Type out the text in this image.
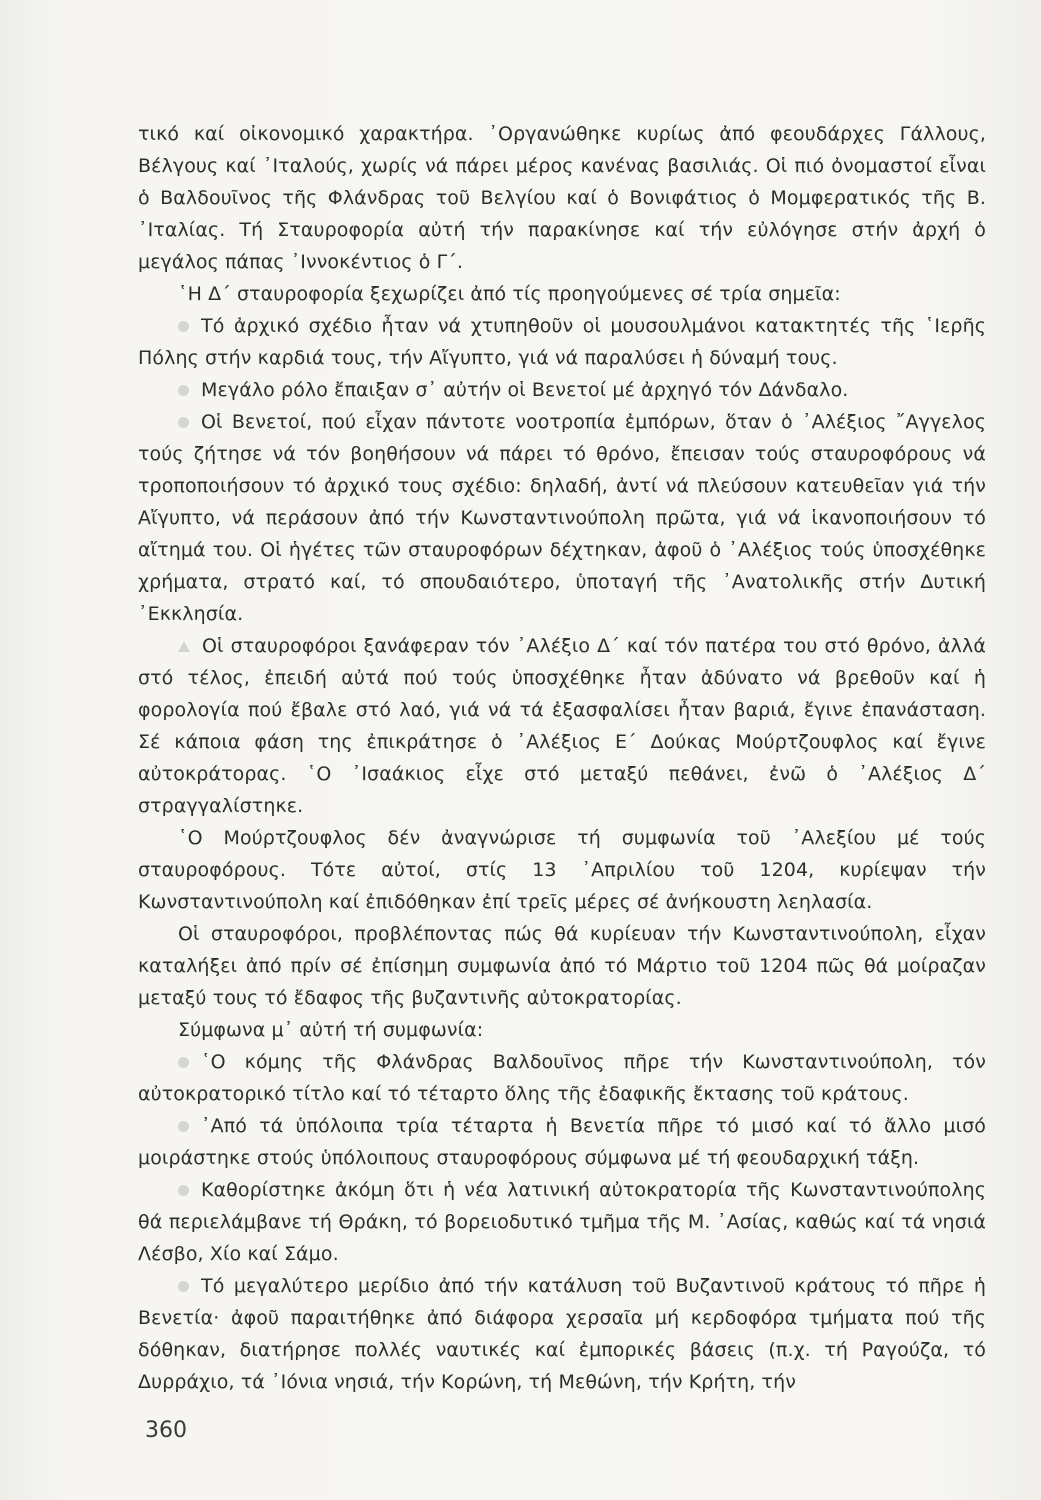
τικό καί οἰκονομικό χαρακτήρα. ᾽Οργανώθηκε κυρίως ἀπό φεουδάρχες Γάλλους, Βέλγους καί ᾽Ιταλούς, χωρίς νά πάρει μέρος κανένας βασιλιάς. Οἱ πιό ὀνομαστοί εἶναι ὁ Βαλδουῖνος τῆς Φλάνδρας τοῦ Βελγίου καί ὁ Βονιφάτιος ὁ Μομφερατικός τῆς Β. ᾽Ιταλίας. Τή Σταυροφορία αὐτή τήν παρακίνησε καί τήν εὐλόγησε στήν ἀρχή ὁ μεγάλος πάπας ᾽Ιννοκέντιος ὁ Γ΄.

῾Η Δ΄ σταυροφορία ξεχωρίζει ἀπό τίς προηγούμενες σέ τρία σημεῖα:

Τό ἀρχικό σχέδιο ἦταν νά χτυπηθοῦν οἱ μουσουλμάνοι κατακτητές τῆς ῾Ιερῆς Πόλης στήν καρδιά τους, τήν Αἴγυπτο, γιά νά παραλύσει ἡ δύναμή τους.

Μεγάλο ρόλο ἔπαιξαν σ᾽ αὐτήν οἱ Βενετοί μέ ἀρχηγό τόν Δάνδαλο.

Οἱ Βενετοί, πού εἶχαν πάντοτε νοοτροπία ἐμπόρων, ὅταν ὁ ᾽Αλέξιος ῎Αγγελος τούς ζήτησε νά τόν βοηθήσουν νά πάρει τό θρόνο, ἔπεισαν τούς σταυροφόρους νά τροποποιήσουν τό ἀρχικό τους σχέδιο: δηλαδή, ἀντί νά πλεύσουν κατευθεῖαν γιά τήν Αἴγυπτο, νά περάσουν ἀπό τήν Κωνσταντινούπολη πρῶτα, γιά νά ἱκανοποιήσουν τό αἴτημά του. Οἱ ἡγέτες τῶν σταυροφόρων δέχτηκαν, ἀφοῦ ὁ ᾽Αλέξιος τούς ὑποσχέθηκε χρήματα, στρατό καί, τό σπουδαιότερο, ὑποταγή τῆς ᾽Ανατολικῆς στήν Δυτική ᾽Εκκλησία.

Οἱ σταυροφόροι ξανάφεραν τόν ᾽Αλέξιο Δ΄ καί τόν πατέρα του στό θρόνο, ἀλλά στό τέλος, ἐπειδή αὐτά πού τούς ὑποσχέθηκε ἦταν ἀδύνατο νά βρεθοῦν καί ἡ φορολογία πού ἔβαλε στό λαό, γιά νά τά ἐξασφαλίσει ἦταν βαριά, ἔγινε ἐπανάσταση. Σέ κάποια φάση της ἐπικράτησε ὁ ᾽Αλέξιος Ε΄ Δούκας Μούρτζουφλος καί ἔγινε αὐτοκράτορας. ῾Ο ᾽Ισαάκιος εἶχε στό μεταξύ πεθάνει, ἐνῶ ὁ ᾽Αλέξιος Δ΄ στραγγαλίστηκε.

῾Ο Μούρτζουφλος δέν ἀναγνώρισε τή συμφωνία τοῦ ᾽Αλεξίου μέ τούς σταυροφόρους. Τότε αὐτοί, στίς 13 ᾽Απριλίου τοῦ 1204, κυρίεψαν τήν Κωνσταντινούπολη καί ἐπιδόθηκαν ἐπί τρεῖς μέρες σέ ἀνήκουστη λεηλασία.

Οἱ σταυροφόροι, προβλέποντας πώς θά κυρίευαν τήν Κωνσταντινούπολη, εἶχαν καταλήξει ἀπό πρίν σέ ἐπίσημη συμφωνία ἀπό τό Μάρτιο τοῦ 1204 πῶς θά μοίραζαν μεταξύ τους τό ἔδαφος τῆς βυζαντινῆς αὐτοκρατορίας.

Σύμφωνα μ᾽ αὐτή τή συμφωνία:

῾Ο κόμης τῆς Φλάνδρας Βαλδουῖνος πῆρε τήν Κωνσταντινούπολη, τόν αὐτοκρατορικό τίτλο καί τό τέταρτο ὅλης τῆς ἐδαφικῆς ἔκτασης τοῦ κράτους.

᾽Από τά ὑπόλοιπα τρία τέταρτα ἡ Βενετία πῆρε τό μισό καί τό ἄλλο μισό μοιράστηκε στούς ὑπόλοιπους σταυροφόρους σύμφωνα μέ τή φεουδαρχική τάξη.

Καθορίστηκε ἀκόμη ὅτι ἡ νέα λατινική αὐτοκρατορία τῆς Κωνσταντινούπολης θά περιελάμβανε τή Θράκη, τό βορειοδυτικό τμῆμα τῆς Μ. ᾽Ασίας, καθώς καί τά νησιά Λέσβο, Χίο καί Σάμο.

Τό μεγαλύτερο μερίδιο ἀπό τήν κατάλυση τοῦ Βυζαντινοῦ κράτους τό πῆρε ἡ Βενετία· ἀφοῦ παραιτήθηκε ἀπό διάφορα χερσαῖα μή κερδοφόρα τμήματα πού τῆς δόθηκαν, διατήρησε πολλές ναυτικές καί ἐμπορικές βάσεις (π.χ. τή Ραγούζα, τό Δυρράχιο, τά ᾽Ιόνια νησιά, τήν Κορώνη, τή Μεθώνη, τήν Κρήτη, τήν

360
